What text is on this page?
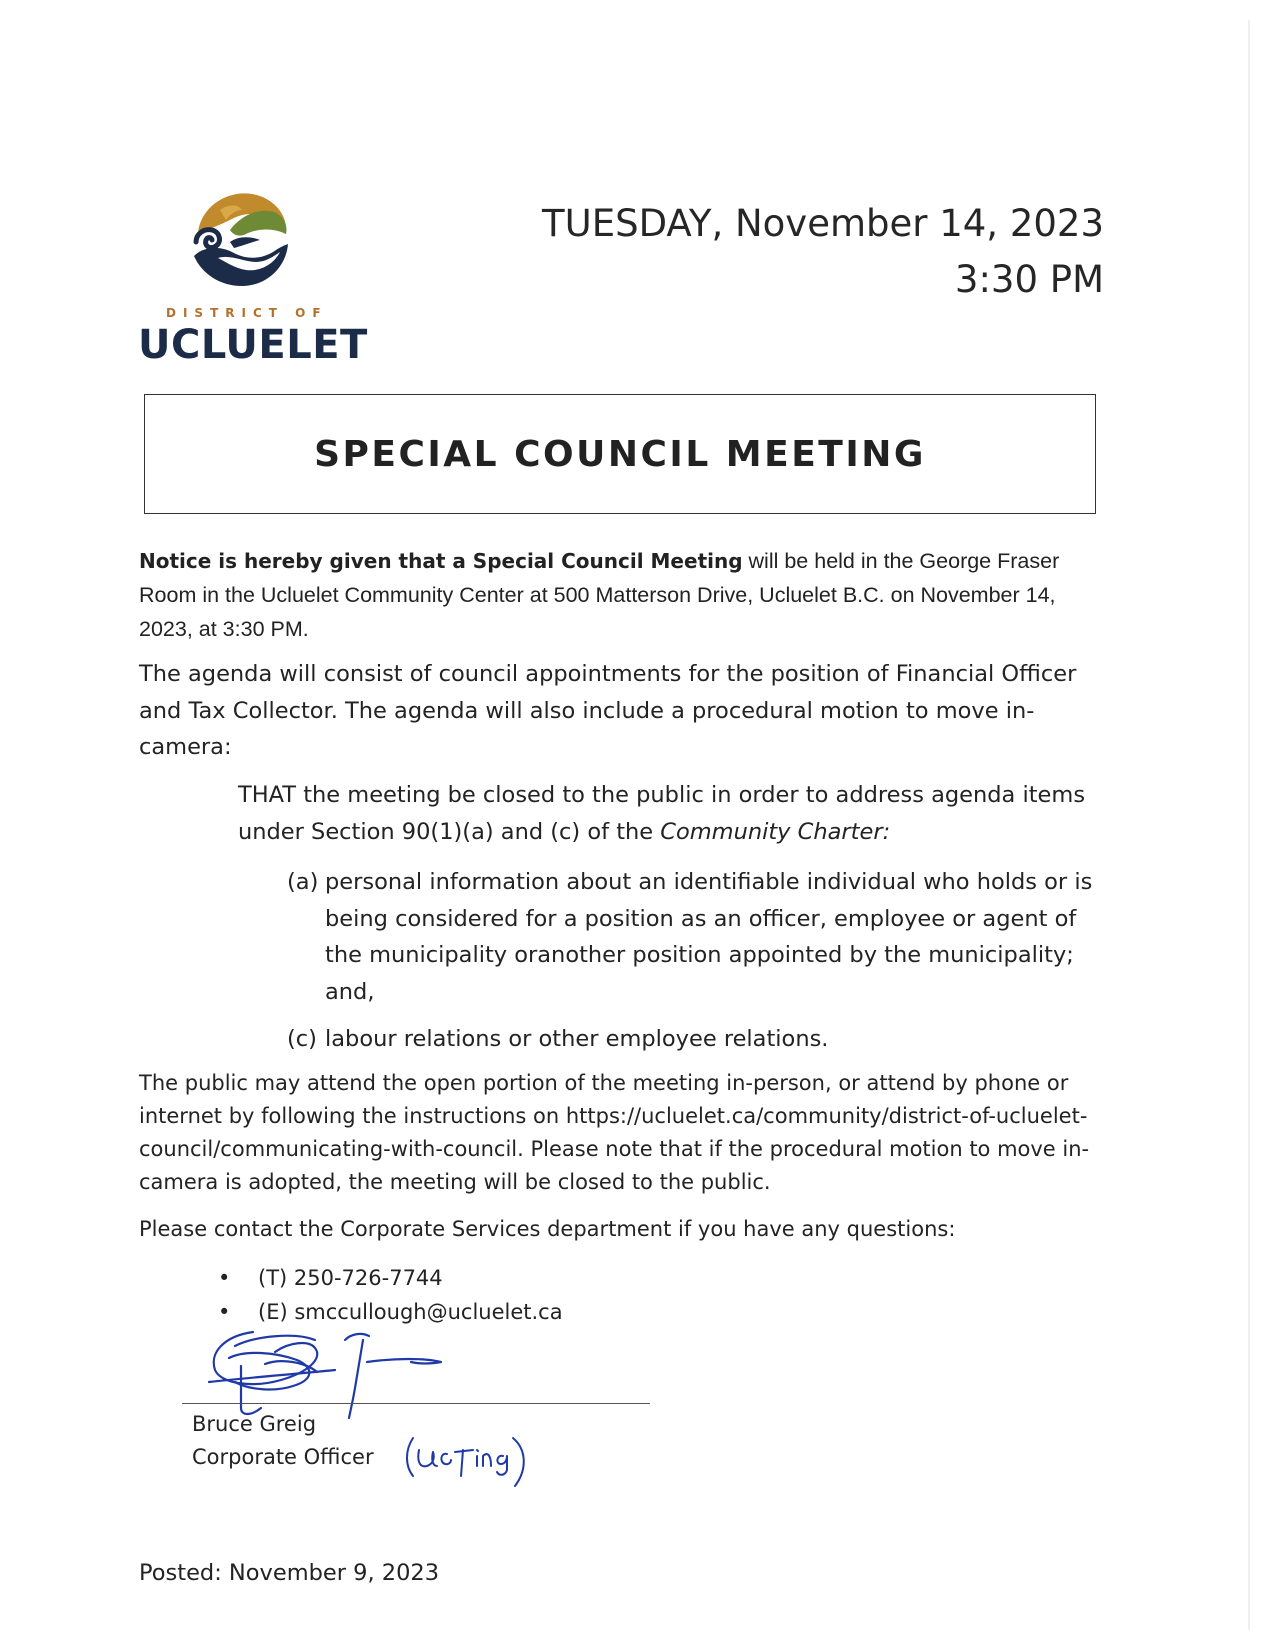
DISTRICT OF
UCLUELET
TUESDAY, November 14, 2023
3:30 PM
SPECIAL COUNCIL MEETING
Notice is hereby given that a Special Council Meeting will be held in the George Fraser Room in the Ucluelet Community Center at 500 Matterson Drive, Ucluelet B.C. on November 14, 2023, at 3:30 PM.
The agenda will consist of council appointments for the position of Financial Officer and Tax Collector. The agenda will also include a procedural motion to move in-camera:
THAT the meeting be closed to the public in order to address agenda items under Section 90(1)(a) and (c) of the Community Charter:
(a) personal information about an identifiable individual who holds or is being considered for a position as an officer, employee or agent of the municipality oranother position appointed by the municipality; and,
(c) labour relations or other employee relations.
The public may attend the open portion of the meeting in-person, or attend by phone or internet by following the instructions on https://ucluelet.ca/community/district-of-ucluelet-council/communicating-with-council. Please note that if the procedural motion to move in-camera is adopted, the meeting will be closed to the public.
Please contact the Corporate Services department if you have any questions:
• (T) 250-726-7744
• (E) smccullough@ucluelet.ca
Bruce Greig
Corporate Officer
Posted: November 9, 2023
